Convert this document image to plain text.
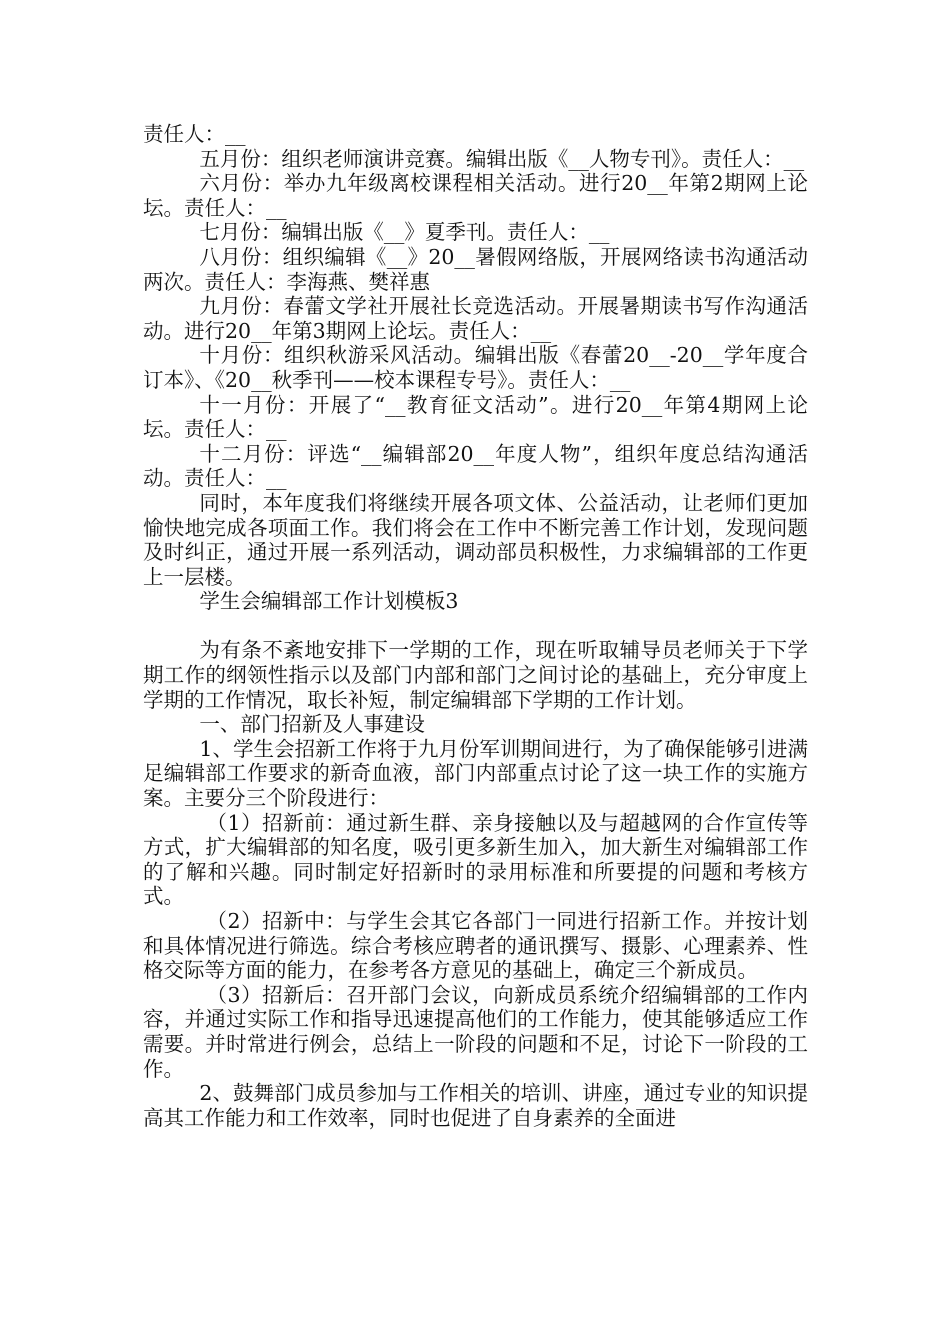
责任人：__

五月份：组织老师演讲竞赛。编辑出版《__人物专刊》。责任人：__

六月份：举办九年级离校课程相关活动。进行20__年第2期网上论坛。责任人：__

七月份：编辑出版《__》夏季刊。责任人：__

八月份：组织编辑《__》20__暑假网络版，开展网络读书沟通活动两次。责任人：李海燕、樊祥惠

九月份：春蕾文学社开展社长竞选活动。开展暑期读书写作沟通活动。进行20__年第3期网上论坛。责任人：__

十月份：组织秋游采风活动。编辑出版《春蕾20__-20__学年度合订本》、《20__秋季刊——校本课程专号》。责任人：__

十一月份：开展了“__教育征文活动”。进行20__年第4期网上论坛。责任人：__

十二月份：评选“__编辑部20__年度人物”，组织年度总结沟通活动。责任人：__

同时，本年度我们将继续开展各项文体、公益活动，让老师们更加愉快地完成各项面工作。我们将会在工作中不断完善工作计划，发现问题及时纠正，通过开展一系列活动，调动部员积极性，力求编辑部的工作更上一层楼。

学生会编辑部工作计划模板3

为有条不紊地安排下一学期的工作，现在听取辅导员老师关于下学期工作的纲领性指示以及部门内部和部门之间讨论的基础上，充分审度上学期的工作情况，取长补短，制定编辑部下学期的工作计划。

一、部门招新及人事建设

1、学生会招新工作将于九月份军训期间进行，为了确保能够引进满足编辑部工作要求的新奇血液，部门内部重点讨论了这一块工作的实施方案。主要分三个阶段进行：

（1）招新前：通过新生群、亲身接触以及与超越网的合作宣传等方式，扩大编辑部的知名度，吸引更多新生加入，加大新生对编辑部工作的了解和兴趣。同时制定好招新时的录用标准和所要提的问题和考核方式。

（2）招新中：与学生会其它各部门一同进行招新工作。并按计划和具体情况进行筛选。综合考核应聘者的通讯撰写、摄影、心理素养、性格交际等方面的能力，在参考各方意见的基础上，确定三个新成员。

（3）招新后：召开部门会议，向新成员系统介绍编辑部的工作内容，并通过实际工作和指导迅速提高他们的工作能力，使其能够适应工作需要。并时常进行例会，总结上一阶段的问题和不足，讨论下一阶段的工作。

2、鼓舞部门成员参加与工作相关的培训、讲座，通过专业的知识提高其工作能力和工作效率，同时也促进了自身素养的全面进
